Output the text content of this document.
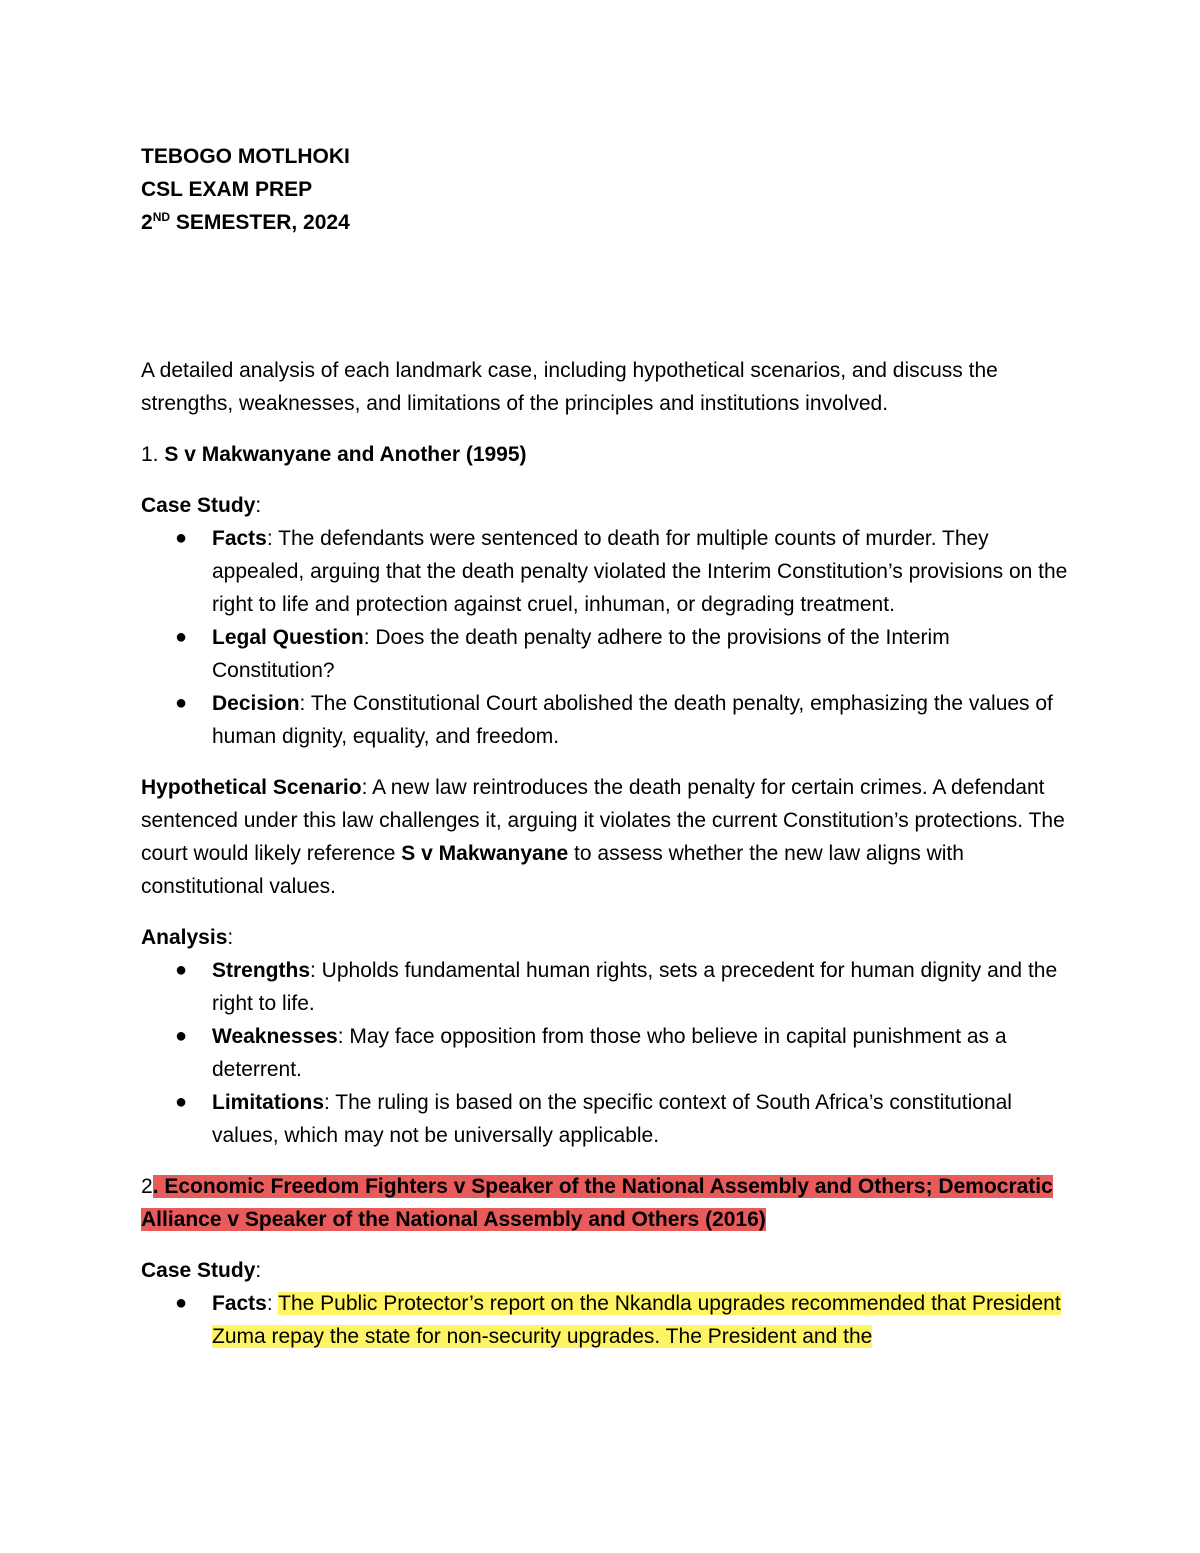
TEBOGO MOTLHOKI
CSL EXAM PREP
2ND SEMESTER, 2024

A detailed analysis of each landmark case, including hypothetical scenarios, and discuss the strengths, weaknesses, and limitations of the principles and institutions involved.

1. S v Makwanyane and Another (1995)

Case Study:

● Facts: The defendants were sentenced to death for multiple counts of murder. They appealed, arguing that the death penalty violated the Interim Constitution’s provisions on the right to life and protection against cruel, inhuman, or degrading treatment.
● Legal Question: Does the death penalty adhere to the provisions of the Interim Constitution?
● Decision: The Constitutional Court abolished the death penalty, emphasizing the values of human dignity, equality, and freedom.

Hypothetical Scenario: A new law reintroduces the death penalty for certain crimes. A defendant sentenced under this law challenges it, arguing it violates the current Constitution’s protections. The court would likely reference S v Makwanyane to assess whether the new law aligns with constitutional values.

Analysis:

● Strengths: Upholds fundamental human rights, sets a precedent for human dignity and the right to life.
● Weaknesses: May face opposition from those who believe in capital punishment as a deterrent.
● Limitations: The ruling is based on the specific context of South Africa’s constitutional values, which may not be universally applicable.

2. Economic Freedom Fighters v Speaker of the National Assembly and Others; Democratic Alliance v Speaker of the National Assembly and Others (2016)

Case Study:

● Facts: The Public Protector’s report on the Nkandla upgrades recommended that President Zuma repay the state for non-security upgrades. The President and the
